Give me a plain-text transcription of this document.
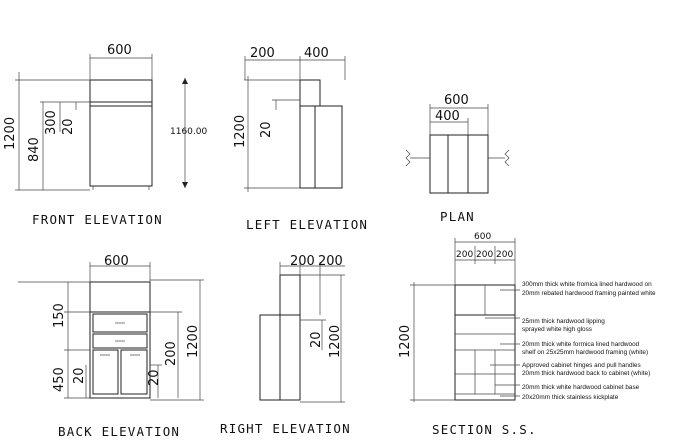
600
1200 840
300 20	1160.00
FRONT ELEVATION
200 400
1200 20
LEFT ELEVATION
600
400
PLAN
600
150
450 20	20
200 1200
BACK ELEVATION
200 200
20 1200
RIGHT ELEVATION
600
200 200 200
1200
300mm thick white fromica lined hardwood on
20mm rebated hardwood framing painted white
25mm thick hardwood lipping
sprayed white high gloss
20mm thick white formica lined hardwood
shelf on 25x25mm hardwood framing (white)
Approved cabinet hinges and pull handles
20mm thick hardwood back to cabinet (white)
20mm thick white hardwood cabinet base
20x20mm thick stainless kickplate
SECTION S.S.
